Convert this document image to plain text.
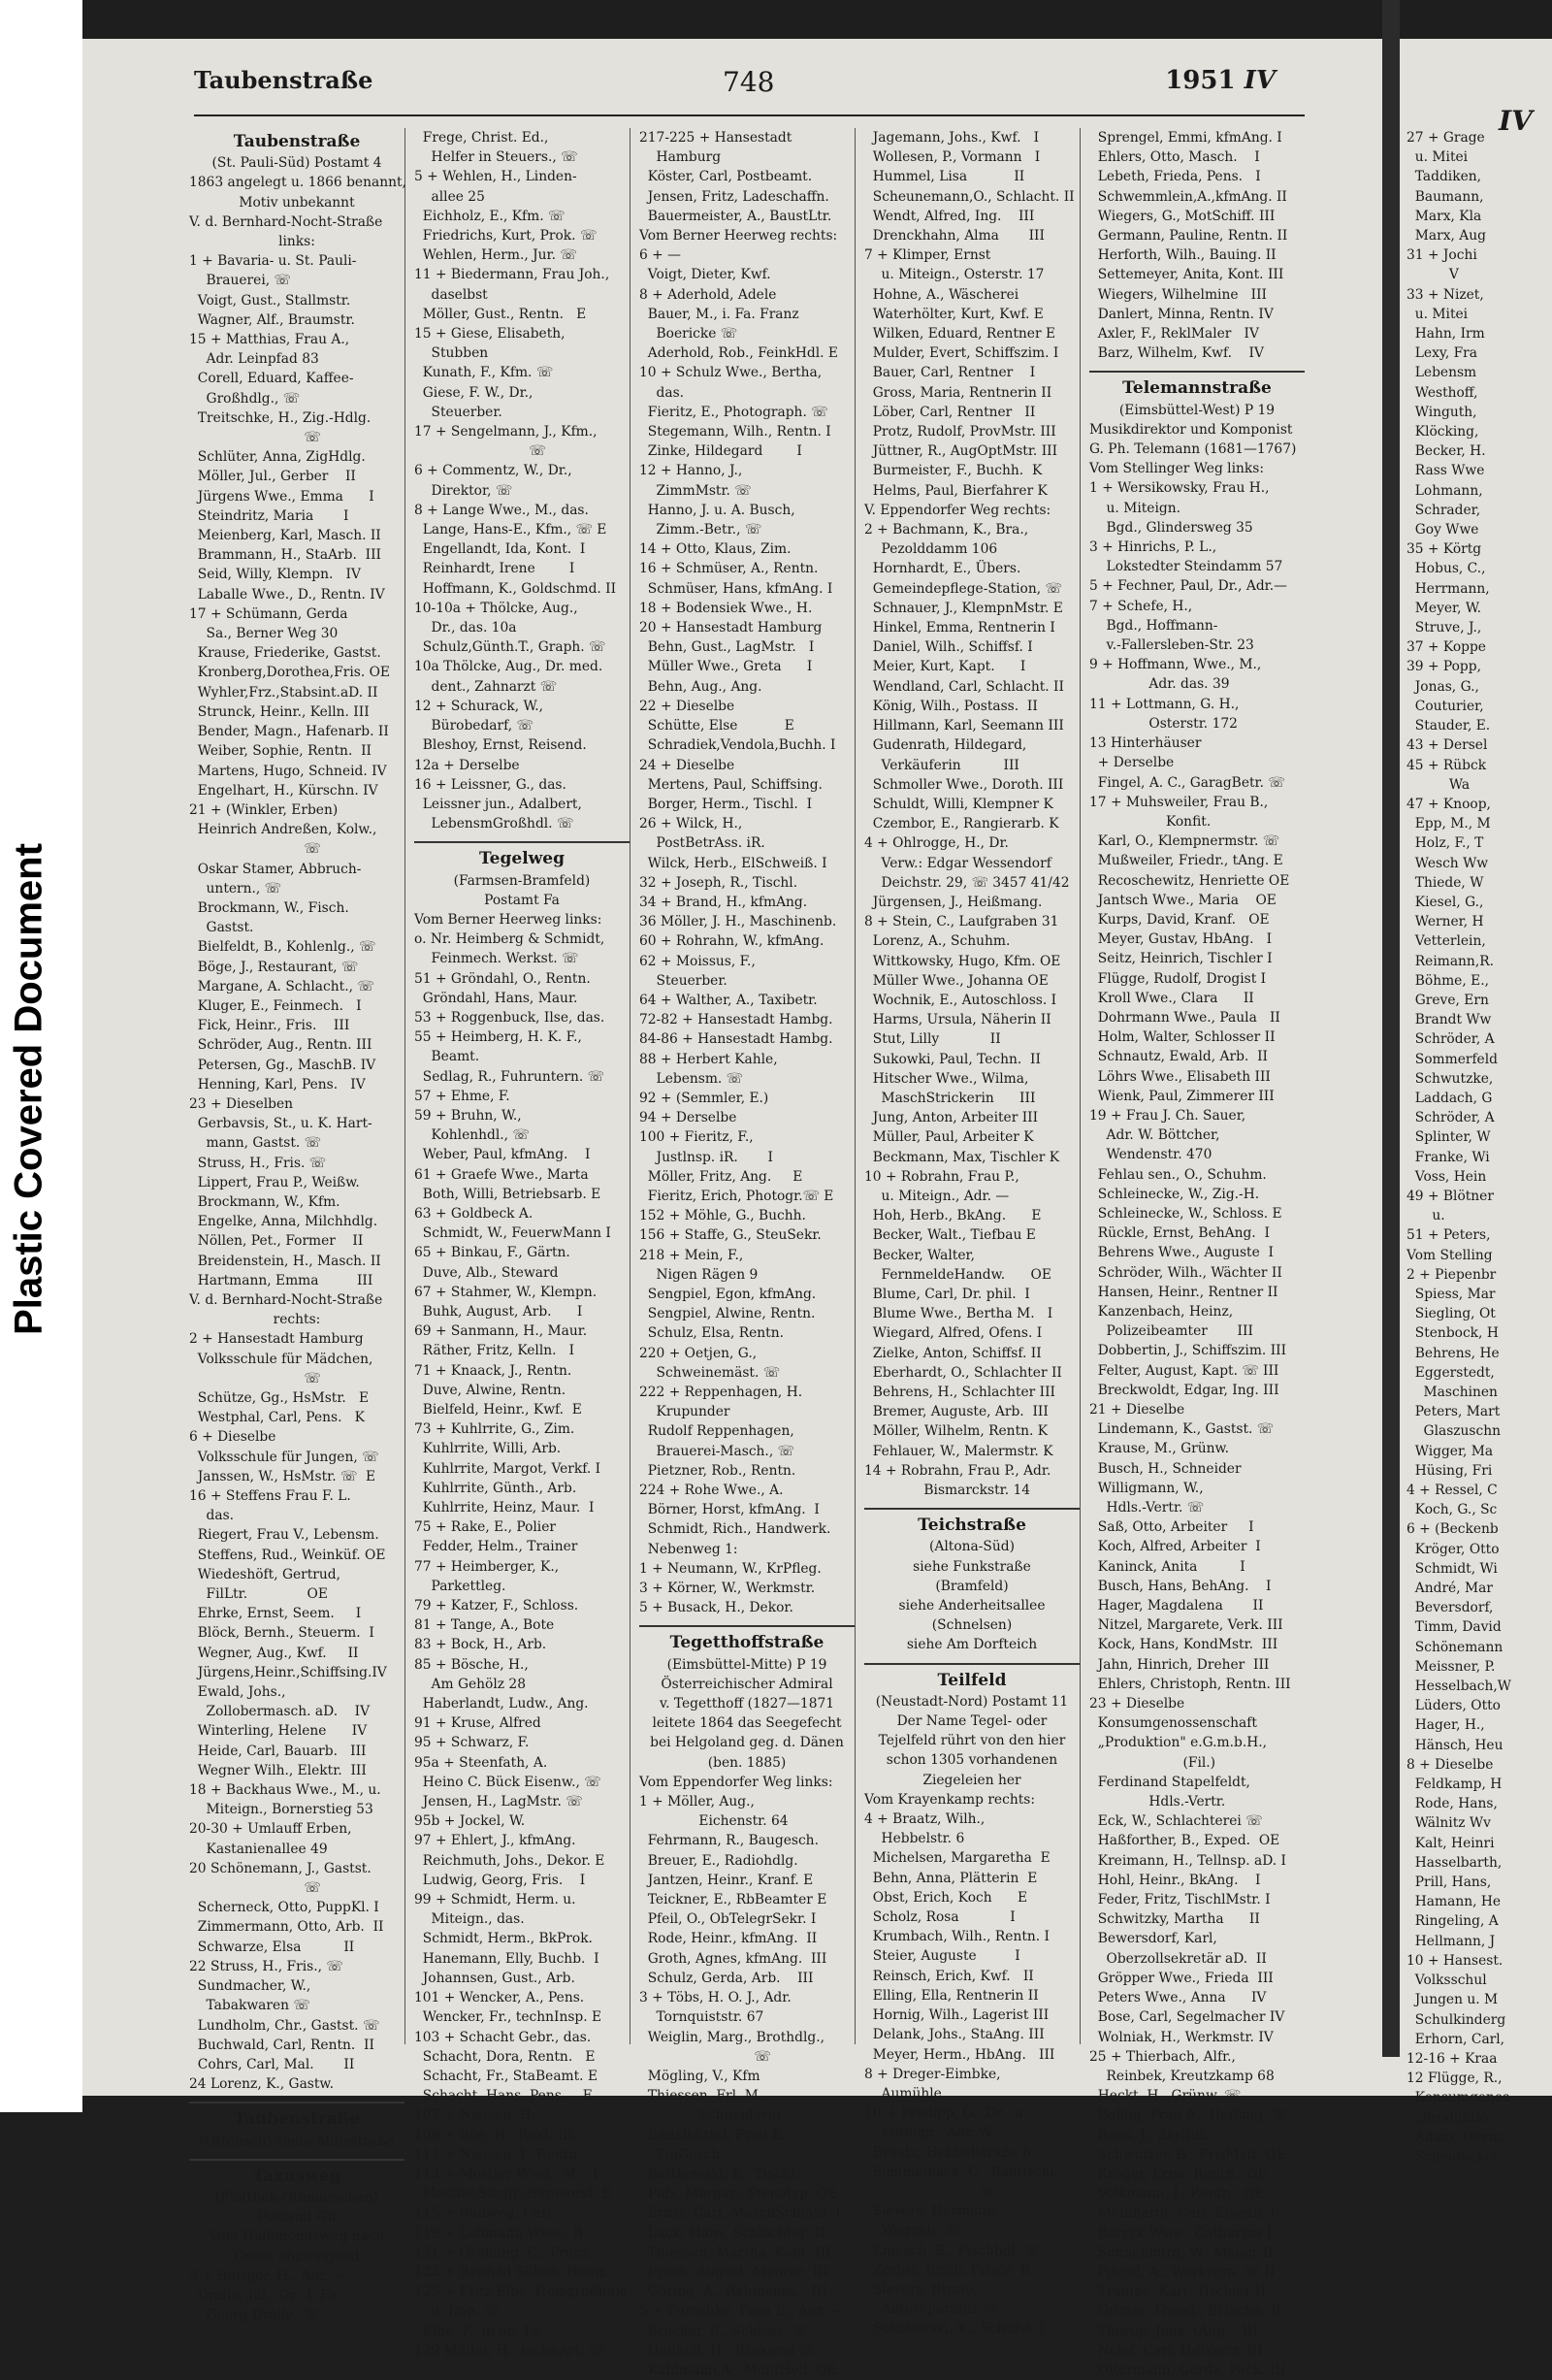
Plastic Covered Document
Taubenstraße	748	1951 IV
IV
Taubenstraße
(St. Pauli-Süd) Postamt 4
1863 angelegt u. 1866 benannt,
Motiv unbekannt
V. d. Bernhard-Nocht-Straße
links:
1 + Bavaria- u. St. Pauli-
Brauerei, ☏
Voigt, Gust., Stallmstr.
Wagner, Alf., Braumstr.
15 + Matthias, Frau A.,
Adr. Leinpfad 83
Corell, Eduard, Kaffee-
Großhdlg., ☏
Treitschke, H., Zig.-Hdlg.
☏
Schlüter, Anna, ZigHdlg.
Möller, Jul., Gerber    II
Jürgens Wwe., Emma      I
Steindritz, Maria       I
Meienberg, Karl, Masch. II
Brammann, H., StaArb.  III
Seid, Willy, Klempn.   IV
Laballe Wwe., D., Rentn. IV
17 + Schümann, Gerda
Sa., Berner Weg 30
Krause, Friederike, Gastst.
Kronberg,Dorothea,Fris. OE
Wyhler,Frz.,Stabsint.aD. II
Strunck, Heinr., Kelln. III
Bender, Magn., Hafenarb. II
Weiber, Sophie, Rentn.  II
Martens, Hugo, Schneid. IV
Engelhart, H., Kürschn. IV
21 + (Winkler, Erben)
Heinrich Andreßen, Kolw.,
☏
Oskar Stamer, Abbruch-
untern., ☏
Brockmann, W., Fisch.
Gastst.
Bielfeldt, B., Kohlenlg., ☏
Böge, J., Restaurant, ☏
Margane, A. Schlacht., ☏
Kluger, E., Feinmech.   I
Fick, Heinr., Fris.    III
Schröder, Aug., Rentn. III
Petersen, Gg., MaschB. IV
Henning, Karl, Pens.   IV
23 + Dieselben
Gerbavsis, St., u. K. Hart-
mann, Gastst. ☏
Struss, H., Fris. ☏
Lippert, Frau P., Weißw.
Brockmann, W., Kfm.
Engelke, Anna, Milchhdlg.
Nöllen, Pet., Former    II
Breidenstein, H., Masch. II
Hartmann, Emma         III
V. d. Bernhard-Nocht-Straße
rechts:
2 + Hansestadt Hamburg
Volksschule für Mädchen,
☏
Schütze, Gg., HsMstr.   E
Westphal, Carl, Pens.   K
6 + Dieselbe
Volksschule für Jungen, ☏
Janssen, W., HsMstr. ☏  E
16 + Steffens Frau F. L.
das.
Riegert, Frau V., Lebensm.
Steffens, Rud., Weinküf. OE
Wiedeshöft, Gertrud,
FilLtr.              OE
Ehrke, Ernst, Seem.     I
Blöck, Bernh., Steuerm.  I
Wegner, Aug., Kwf.     II
Jürgens,Heinr.,Schiffsing.IV
Ewald, Johs.,
Zollobermasch. aD.    IV
Winterling, Helene      IV
Heide, Carl, Bauarb.   III
Wegner Wilh., Elektr.  III
18 + Backhaus Wwe., M., u.
Miteign., Bornerstieg 53
20-30 + Umlauff Erben,
Kastanienallee 49
20 Schönemann, J., Gastst.
☏
Scherneck, Otto, PuppKl. I
Zimmermann, Otto, Arb.  II
Schwarze, Elsa          II
22 Struss, H., Fris., ☏
Sundmacher, W.,
Tabakwaren ☏
Lundholm, Chr., Gastst. ☏
Buchwald, Carl, Rentn.  II
Cohrs, Carl, Mal.       II
24 Lorenz, K., Gastw.
Taubenstraße
(Ottensen) siehe Abbestraße
Taxusweg
(Flottbek-Othmarschen)
Postamt Gfl
Vom Halbmondsweg nach
Osten abzweigend
3 + Rüttger, H., Adr. —
Dralle, Jul., Dr., i. Fa.
Georg Dralle, ☏
Frege, Christ. Ed.,
Helfer in Steuers., ☏
5 + Wehlen, H., Linden-
allee 25
Eichholz, E., Kfm. ☏
Friedrichs, Kurt, Prok. ☏
Wehlen, Herm., Jur. ☏
11 + Biedermann, Frau Joh.,
daselbst
Möller, Gust., Rentn.   E
15 + Giese, Elisabeth,
Stubben
Kunath, F., Kfm. ☏
Giese, F. W., Dr.,
Steuerber.
17 + Sengelmann, J., Kfm.,
☏
6 + Commentz, W., Dr.,
Direktor, ☏
8 + Lange Wwe., M., das.
Lange, Hans-E., Kfm., ☏ E
Engellandt, Ida, Kont.  I
Reinhardt, Irene        I
Hoffmann, K., Goldschmd. II
10-10a + Thölcke, Aug.,
Dr., das. 10a
Schulz,Günth.T., Graph. ☏
10a Thölcke, Aug., Dr. med.
dent., Zahnarzt ☏
12 + Schurack, W.,
Bürobedarf, ☏
Bleshoy, Ernst, Reisend.
12a + Derselbe
16 + Leissner, G., das.
Leissner jun., Adalbert,
LebensmGroßhdl. ☏
Tegelweg
(Farmsen-Bramfeld)
Postamt Fa
Vom Berner Heerweg links:
o. Nr. Heimberg & Schmidt,
Feinmech. Werkst. ☏
51 + Gröndahl, O., Rentn.
Gröndahl, Hans, Maur.
53 + Roggenbuck, Ilse, das.
55 + Heimberg, H. K. F.,
Beamt.
Sedlag, R., Fuhruntern. ☏
57 + Ehme, F.
59 + Bruhn, W.,
Kohlenhdl., ☏
Weber, Paul, kfmAng.    I
61 + Graefe Wwe., Marta
Both, Willi, Betriebsarb. E
63 + Goldbeck A.
Schmidt, W., FeuerwMann I
65 + Binkau, F., Gärtn.
Duve, Alb., Steward
67 + Stahmer, W., Klempn.
Buhk, August, Arb.      I
69 + Sanmann, H., Maur.
Räther, Fritz, Kelln.   I
71 + Knaack, J., Rentn.
Duve, Alwine, Rentn.
Bielfeld, Heinr., Kwf.  E
73 + Kuhlrrite, G., Zim.
Kuhlrrite, Willi, Arb.
Kuhlrrite, Margot, Verkf. I
Kuhlrrite, Günth., Arb.
Kuhlrrite, Heinz, Maur.  I
75 + Rake, E., Polier
Fedder, Helm., Trainer
77 + Heimberger, K.,
Parkettleg.
79 + Katzer, F., Schloss.
81 + Tange, A., Bote
83 + Bock, H., Arb.
85 + Bösche, H.,
Am Gehölz 28
Haberlandt, Ludw., Ang.
91 + Kruse, Alfred
95 + Schwarz, F.
95a + Steenfath, A.
Heino C. Bück Eisenw., ☏
Jensen, H., LagMstr. ☏
95b + Jockel, W.
97 + Ehlert, J., kfmAng.
Reichmuth, Johs., Dekor. E
Ludwig, Georg, Fris.    I
99 + Schmidt, Herm. u.
Miteign., das.
Schmidt, Herm., BkProk.
Hanemann, Elly, Buchb.  I
Johannsen, Gust., Arb.
101 + Wencker, A., Pens.
Wencker, Fr., technInsp. E
103 + Schacht Gebr., das.
Schacht, Dora, Rentn.   E
Schacht, Fr., StaBeamt. E
Schacht, Hans, Pens.    E
107 + Nielsen, H.
109 + Böe, H., Rekt. iR.
111 + Nielsen, J., Rentn.
113 + Mostler Wwe., M.   I
Mostler,Siegfr.,Bürovorst. E
115 + Budweg, Carl
119 + Lohmann Wwe., B.
121 + Grehling, C., Prens.
123 + Benfeld Söhne, Heinr.
125 + Fritz Elbe, Holzgroßhdlg.
u. Imp. ☏
Elbe, F., in ob. Fa.
129 Müller, H., technArt. ☏
217-225 + Hansestadt
Hamburg
Köster, Carl, Postbeamt.
Jensen, Fritz, Ladeschaffn.
Bauermeister, A., BaustLtr.
Vom Berner Heerweg rechts:
6 + —
Voigt, Dieter, Kwf.
8 + Aderhold, Adele
Bauer, M., i. Fa. Franz
Boericke ☏
Aderhold, Rob., FeinkHdl. E
10 + Schulz Wwe., Bertha,
das.
Fieritz, E., Photograph. ☏
Stegemann, Wilh., Rentn. I
Zinke, Hildegard        I
12 + Hanno, J.,
ZimmMstr. ☏
Hanno, J. u. A. Busch,
Zimm.-Betr., ☏
14 + Otto, Klaus, Zim.
16 + Schmüser, A., Rentn.
Schmüser, Hans, kfmAng. I
18 + Bodensiek Wwe., H.
20 + Hansestadt Hamburg
Behn, Gust., LagMstr.   I
Müller Wwe., Greta      I
Behn, Aug., Ang.
22 + Dieselbe
Schütte, Else           E
Schradiek,Vendola,Buchh. I
24 + Dieselbe
Mertens, Paul, Schiffsing.
Borger, Herm., Tischl.  I
26 + Wilck, H.,
PostBetrAss. iR.
Wilck, Herb., ElSchweiß. I
32 + Joseph, R., Tischl.
34 + Brand, H., kfmAng.
36 Möller, J. H., Maschinenb.
60 + Rohrahn, W., kfmAng.
62 + Moissus, F.,
Steuerber.
64 + Walther, A., Taxibetr.
72-82 + Hansestadt Hambg.
84-86 + Hansestadt Hambg.
88 + Herbert Kahle,
Lebensm. ☏
92 + (Semmler, E.)
94 + Derselbe
100 + Fieritz, F.,
Justlnsp. iR.       I
Möller, Fritz, Ang.     E
Fieritz, Erich, Photogr.☏ E
152 + Möhle, G., Buchh.
156 + Staffe, G., SteuSekr.
218 + Mein, F.,
Nigen Rägen 9
Sengpiel, Egon, kfmAng.
Sengpiel, Alwine, Rentn.
Schulz, Elsa, Rentn.
220 + Oetjen, G.,
Schweinemäst. ☏
222 + Reppenhagen, H.
Krupunder
Rudolf Reppenhagen,
Brauerei-Masch., ☏
Pietzner, Rob., Rentn.
224 + Rohe Wwe., A.
Börner, Horst, kfmAng.  I
Schmidt, Rich., Handwerk.
Nebenweg 1:
1 + Neumann, W., KrPfleg.
3 + Körner, W., Werkmstr.
5 + Busack, H., Dekor.
Tegetthoffstraße
(Eimsbüttel-Mitte) P 19
Österreichischer Admiral
v. Tegetthoff (1827—1871
leitete 1864 das Seegefecht
bei Helgoland geg. d. Dänen
(ben. 1885)
Vom Eppendorfer Weg links:
1 + Möller, Aug.,
Eichenstr. 64
Fehrmann, R., Baugesch.
Breuer, E., Radiohdlg.
Jantzen, Heinr., Kranf. E
Teickner, E., RbBeamter E
Pfeil, O., ObTelegrSekr. I
Rode, Heinr., kfmAng.  II
Groth, Agnes, kfmAng.  III
Schulz, Gerda, Arb.    III
3 + Töbs, H. O. J., Adr.
Tornquiststr. 67
Weiglin, Marg., Brothdlg.,
☏
Mögling, V., Kfm
Thiessen, Frl. M.,
Schneiderin
Eddelbüttel, Frau E.,
ZigGesch.
Rettkowski, E., Tischl.
Puls, Margar., Stenotyp. OE
Ernst, Carl, MaschSchloss. I
Luck, Hans, Schlachter  II
Thiessen, Martha, Kont. III
Frank, August, Maurer  III
Göring, A., Rahmenm.   III
5 + Purschke, Frau E., Adr. —
Brucker, E., Schloss. ☏
Haukelt, H., Bäckerei ☏
Kuhlmann,A., MontHelf. OE
Jagemann, Johs., Kwf.   I
Wollesen, P., Vormann   I
Hummel, Lisa           II
Scheunemann,O., Schlacht. II
Wendt, Alfred, Ing.    III
Drenckhahn, Alma       III
7 + Klimper, Ernst
u. Miteign., Osterstr. 17
Hohne, A., Wäscherei
Waterhölter, Kurt, Kwf. E
Wilken, Eduard, Rentner E
Mulder, Evert, Schiffszim. I
Bauer, Carl, Rentner    I
Gross, Maria, Rentnerin II
Löber, Carl, Rentner   II
Protz, Rudolf, ProvMstr. III
Jüttner, R., AugOptMstr. III
Burmeister, F., Buchh.  K
Helms, Paul, Bierfahrer K
V. Eppendorfer Weg rechts:
2 + Bachmann, K., Bra.,
Pezolddamm 106
Hornhardt, E., Übers.
Gemeindepflege-Station, ☏
Schnauer, J., KlempnMstr. E
Hinkel, Emma, Rentnerin I
Daniel, Wilh., Schiffsf. I
Meier, Kurt, Kapt.      I
Wendland, Carl, Schlacht. II
König, Wilh., Postass.  II
Hillmann, Karl, Seemann III
Gudenrath, Hildegard,
Verkäuferin          III
Schmoller Wwe., Doroth. III
Schuldt, Willi, Klempner K
Czembor, E., Rangierarb. K
4 + Ohlrogge, H., Dr.
Verw.: Edgar Wessendorf
Deichstr. 29, ☏ 3457 41/42
Jürgensen, J., Heißmang.
8 + Stein, C., Laufgraben 31
Lorenz, A., Schuhm.
Wittkowsky, Hugo, Kfm. OE
Müller Wwe., Johanna OE
Wochnik, E., Autoschloss. I
Harms, Ursula, Näherin II
Stut, Lilly            II
Sukowki, Paul, Techn.  II
Hitscher Wwe., Wilma,
MaschStrickerin      III
Jung, Anton, Arbeiter III
Müller, Paul, Arbeiter K
Beckmann, Max, Tischler K
10 + Robrahn, Frau P.,
u. Miteign., Adr. —
Hoh, Herb., BkAng.      E
Becker, Walt., Tiefbau E
Becker, Walter,
FernmeldeHandw.      OE
Blume, Carl, Dr. phil.  I
Blume Wwe., Bertha M.   I
Wiegard, Alfred, Ofens. I
Zielke, Anton, Schiffsf. II
Eberhardt, O., Schlachter II
Behrens, H., Schlachter III
Bremer, Auguste, Arb.  III
Möller, Wilhelm, Rentn. K
Fehlauer, W., Malermstr. K
14 + Robrahn, Frau P., Adr.
Bismarckstr. 14
Teichstraße
(Altona-Süd)
siehe Funkstraße
(Bramfeld)
siehe Anderheitsallee
(Schnelsen)
siehe Am Dorfteich
Teilfeld
(Neustadt-Nord) Postamt 11
Der Name Tegel- oder
Tejelfeld rührt von den hier
schon 1305 vorhandenen
Ziegeleien her
Vom Krayenkamp rechts:
4 + Braatz, Wilh.,
Hebbelstr. 6
Michelsen, Margaretha  E
Behn, Anna, Plätterin  E
Obst, Erich, Koch      E
Scholz, Rosa            I
Krumbach, Wilh., Rentn. I
Steier, Auguste         I
Reinsch, Erich, Kwf.   II
Elling, Ella, Rentnerin II
Hornig, Wilh., Lagerist III
Delank, Johs., StaAng. III
Meyer, Herm., HbAng.   III
8 + Dreger-Eimbke,
Aumühle
10 + Prielipp, G., Dr., u.
Miteign., Adr. W.
Braatz, Hebbelstraße 6
Semmelhack, C., Bautischl.,
☏
Sievers, Hermann,
Wagenb. ☏
Kniesch, E., Fischhdl. ☏
Zerbst, Erich, Frisör  E
Slevers, Bruno,
Autoreparatur ☏
Sokolowski, K., Schiffsf. I
Sprengel, Emmi, kfmAng. I
Ehlers, Otto, Masch.    I
Lebeth, Frieda, Pens.   I
Schwemmlein,A.,kfmAng. II
Wiegers, G., MotSchiff. III
Germann, Pauline, Rentn. II
Herforth, Wilh., Bauing. II
Settemeyer, Anita, Kont. III
Wiegers, Wilhelmine   III
Danlert, Minna, Rentn. IV
Axler, F., ReklMaler   IV
Barz, Wilhelm, Kwf.    IV
Telemannstraße
(Eimsbüttel-West) P 19
Musikdirektor und Komponist
G. Ph. Telemann (1681—1767)
Vom Stellinger Weg links:
1 + Wersikowsky, Frau H.,
u. Miteign.
Bgd., Glindersweg 35
3 + Hinrichs, P. L.,
Lokstedter Steindamm 57
5 + Fechner, Paul, Dr., Adr.—
7 + Schefe, H.,
Bgd., Hoffmann-
v.-Fallersleben-Str. 23
9 + Hoffmann, Wwe., M.,
Adr. das. 39
11 + Lottmann, G. H.,
Osterstr. 172
13 Hinterhäuser
+ Derselbe
Fingel, A. C., GaragBetr. ☏
17 + Muhsweiler, Frau B.,
Konfit.
Karl, O., Klempnermstr. ☏
Mußweiler, Friedr., tAng. E
Recoschewitz, Henriette OE
Jantsch Wwe., Maria    OE
Kurps, David, Kranf.   OE
Meyer, Gustav, HbAng.   I
Seitz, Heinrich, Tischler I
Flügge, Rudolf, Drogist I
Kroll Wwe., Clara      II
Dohrmann Wwe., Paula   II
Holm, Walter, Schlosser II
Schnautz, Ewald, Arb.  II
Löhrs Wwe., Elisabeth III
Wienk, Paul, Zimmerer III
19 + Frau J. Ch. Sauer,
Adr. W. Böttcher,
Wendenstr. 470
Fehlau sen., O., Schuhm.
Schleinecke, W., Zig.-H.
Schleinecke, W., Schloss. E
Rückle, Ernst, BehAng.  I
Behrens Wwe., Auguste  I
Schröder, Wilh., Wächter II
Hansen, Heinr., Rentner II
Kanzenbach, Heinz,
Polizeibeamter       III
Dobbertin, J., Schiffszim. III
Felter, August, Kapt. ☏ III
Breckwoldt, Edgar, Ing. III
21 + Dieselbe
Lindemann, K., Gastst. ☏
Krause, M., Grünw.
Busch, H., Schneider
Willigmann, W.,
Hdls.-Vertr. ☏
Saß, Otto, Arbeiter     I
Koch, Alfred, Arbeiter  I
Kaninck, Anita          I
Busch, Hans, BehAng.    I
Hager, Magdalena       II
Nitzel, Margarete, Verk. III
Kock, Hans, KondMstr.  III
Jahn, Hinrich, Dreher  III
Ehlers, Christoph, Rentn. III
23 + Dieselbe
Konsumgenossenschaft
„Produktion" e.G.m.b.H.,
(Fil.)
Ferdinand Stapelfeldt,
Hdls.-Vertr.
Eck, W., Schlachterei ☏
Haßforther, B., Exped.  OE
Kreimann, H., Tellnsp. aD. I
Hohl, Heinr., BkAng.    I
Feder, Fritz, TischlMstr. I
Schwitzky, Martha      II
Bewersdorf, Karl,
Oberzollsekretär aD.  II
Gröpper Wwe., Frieda  III
Peters Wwe., Anna      IV
Bose, Carl, Segelmacher IV
Wolniak, H., Werkmstr. IV
25 + Thierbach, Alfr.,
Reinbek, Kreutzkamp 68
Heckt, H., Grünw. ☏
Bohlig, Frau A., Heißmg. ☏
Book, J., ZigHdl.
Schwotzer, B., FrisMstr. OE
Kröger, Erna, Rentn.  OE
Volkmann, J., Rentn.  OE
Meinhardt, Carl, Eisenb. I
Barzyk Wwe., Catharina I
Sonnenburg, W., Mauer II
Pingel, A., Werkzgm. ☏ II
Trampe, Karl, Tischler II
Grimm, Theod., ElTechn. II
Thorup, Jens, tAng.   III
Nolof, Carl, HdlVertr. III
Oltermann, Gerda, Pack. III
27 + Grage
u. Mitei
Taddiken,
Baumann,
Marx, Kla
Marx, Aug
31 + Jochi
V
33 + Nizet,
u. Mitei
Hahn, Irm
Lexy, Fra
Lebensm
Westhoff,
Winguth,
Klöcking,
Becker, H.
Rass Wwe
Lohmann,
Schrader,
Goy Wwe
35 + Körtg
Hobus, C.,
Herrmann,
Meyer, W.
Struve, J.,
37 + Koppe
39 + Popp,
Jonas, G.,
Couturier,
Stauder, E.
43 + Dersel
45 + Rübck
Wa
47 + Knoop,
Epp, M., M
Holz, F., T
Wesch Ww
Thiede, W
Kiesel, G.,
Werner, H
Vetterlein,
Reimann,R.
Böhme, E.,
Greve, Ern
Brandt Ww
Schröder, A
Sommerfeld
Schwutzke,
Laddach, G
Schröder, A
Splinter, W
Franke, Wi
Voss, Hein
49 + Blötner
u.
51 + Peters,
Vom Stelling
2 + Piepenbr
Spiess, Mar
Siegling, Ot
Stenbock, H
Behrens, He
Eggerstedt,
Maschinen
Peters, Mart
Glaszuschn
Wigger, Ma
Hüsing, Fri
4 + Ressel, C
Koch, G., Sc
6 + (Beckenb
Kröger, Otto
Schmidt, Wi
André, Mar
Beversdorf,
Timm, David
Schönemann
Meissner, P.
Hesselbach,W
Lüders, Otto
Hager, H.,
Hänsch, Heu
8 + Dieselbe
Feldkamp, H
Rode, Hans,
Wälnitz Wv
Kalt, Heinri
Hasselbarth,
Prill, Hans,
Hamann, He
Ringeling, A
Hellmann, J
10 + Hansest.
Volksschul
Jungen u. M
Schulkinderg
Erhorn, Carl,
12-16 + Kraa
12 Flügge, R.,
Konsumgenos
„Produktio
Adam, Herm.
Scheidecker,
